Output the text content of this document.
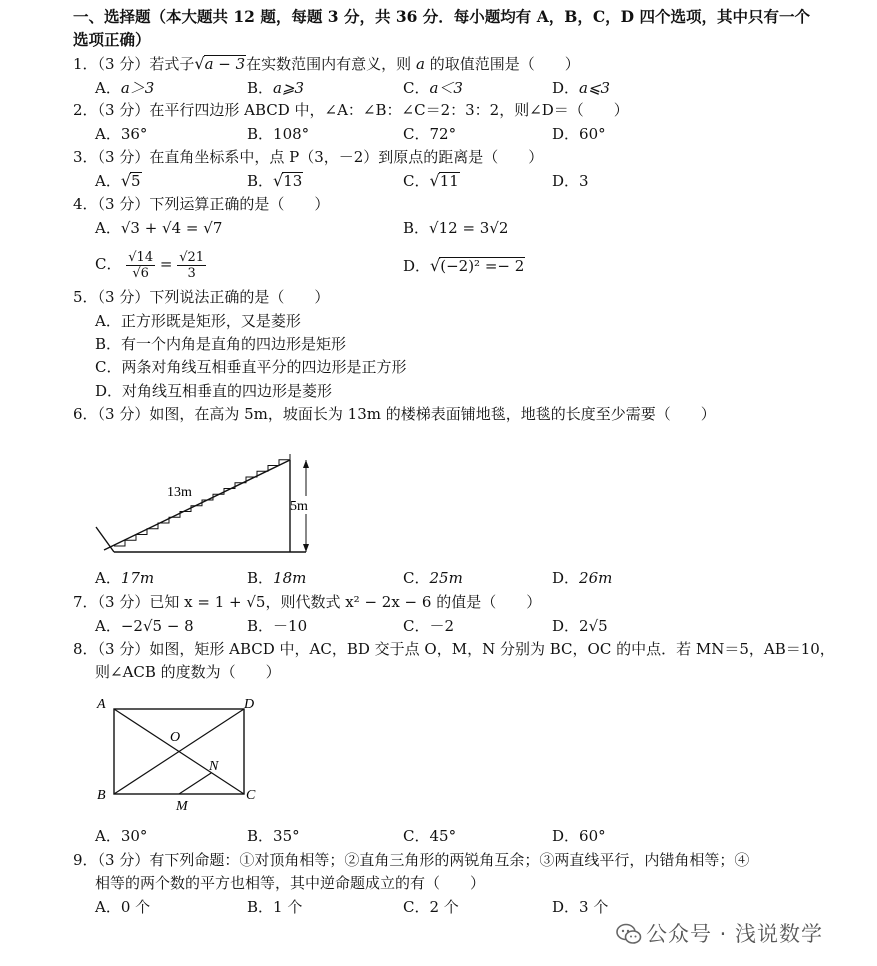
一、选择题（本大题共 12 题，每题 3 分，共 36 分．每小题均有 A，B，C，D 四个选项，其中只有一个
选项正确）
1．（3 分）若式子√a − 3在实数范围内有意义，则 a 的取值范围是（　　）
A．a＞3	B．a⩾3	C．a＜3	D．a⩽3
2．（3 分）在平行四边形 ABCD 中，∠A：∠B：∠C＝2：3：2，则∠D＝（　　）
A．36°	B．108°	C．72°	D．60°
3．（3 分）在直角坐标系中，点 P（3，－2）到原点的距离是（　　）
A．√5	B．√13	C．√11	D．3
4．（3 分）下列运算正确的是（　　）
A．√3 + √4 = √7	B．√12 = 3√2
C． $\frac{√14}{√6} = \frac{√21}{3}$	D．√(−2)² =− 2
5．（3 分）下列说法正确的是（　　）
A．正方形既是矩形，又是菱形
B．有一个内角是直角的四边形是矩形
C．两条对角线互相垂直平分的四边形是正方形
D．对角线互相垂直的四边形是菱形
6．（3 分）如图，在高为 5m，坡面长为 13m 的楼梯表面铺地毯，地毯的长度至少需要（　　）
5m
13m
A．17m	B．18m	C．25m	D．26m
7．（3 分）已知 x = 1 + √5，则代数式 x² − 2x − 6 的值是（　　）
A．−2√5 − 8	B．－10	C．－2	D．2√5
8．（3 分）如图，矩形 ABCD 中，AC，BD 交于点 O，M，N 分别为 BC，OC 的中点．若 MN＝5，AB＝10，
则∠ACB 的度数为（　　）
A	D
B	C
O
M
N
A．30°	B．35°	C．45°	D．60°
9．（3 分）有下列命题：①对顶角相等；②直角三角形的两锐角互余；③两直线平行，内错角相等；④
相等的两个数的平方也相等，其中逆命题成立的有（　　）
A．0 个	B．1 个	C．2 个	D．3 个
公众号 · 浅说数学
